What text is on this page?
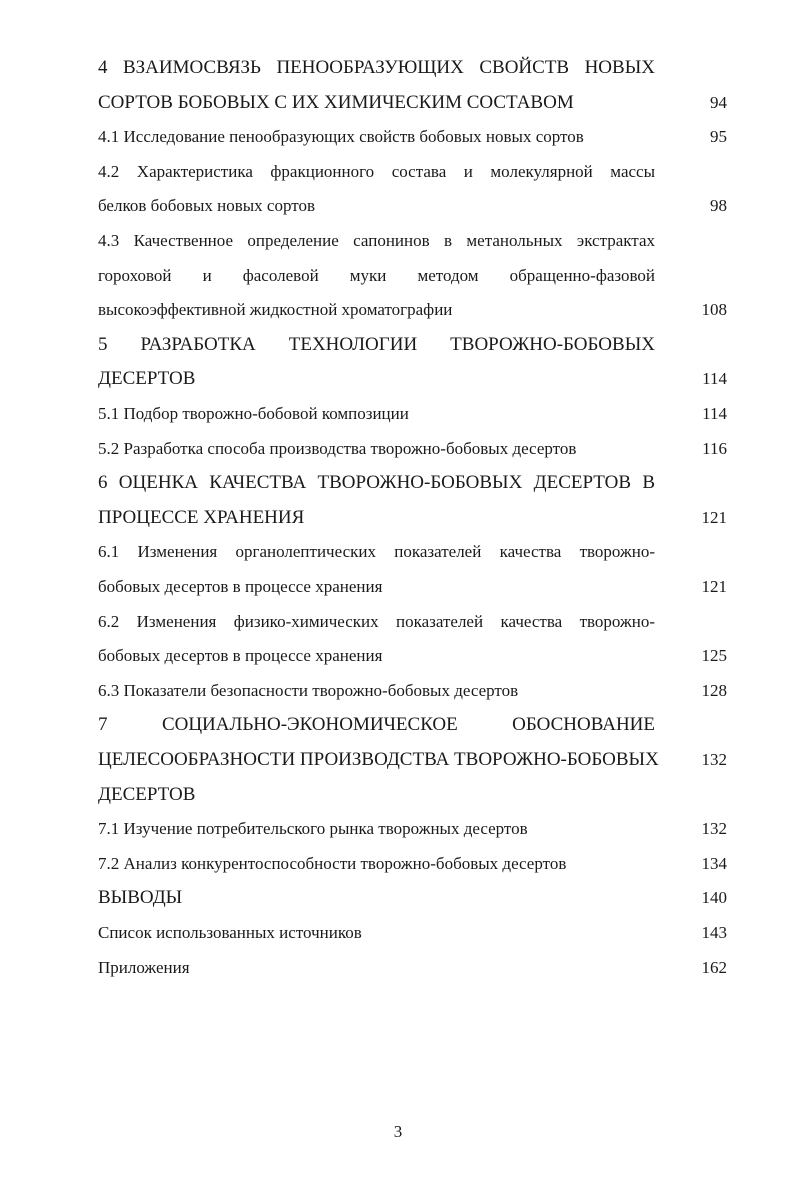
4 ВЗАИМОСВЯЗЬ ПЕНООБРАЗУЮЩИХ СВОЙСТВ НОВЫХ
СОРТОВ БОБОВЫХ С ИХ ХИМИЧЕСКИМ СОСТАВОМ	94
4.1 Исследование пенообразующих свойств бобовых новых сортов	95
4.2 Характеристика фракционного состава и молекулярной массы
белков бобовых новых сортов	98
4.3 Качественное определение сапонинов в метанольных экстрактах
гороховой и фасолевой муки методом обращенно-фазовой
высокоэффективной жидкостной хроматографии	108
5 РАЗРАБОТКА ТЕХНОЛОГИИ ТВОРОЖНО-БОБОВЫХ
ДЕСЕРТОВ	114
5.1 Подбор творожно-бобовой композиции	114
5.2 Разработка способа производства творожно-бобовых десертов	116
6 ОЦЕНКА КАЧЕСТВА ТВОРОЖНО-БОБОВЫХ ДЕСЕРТОВ В
ПРОЦЕССЕ ХРАНЕНИЯ	121
6.1 Изменения органолептических показателей качества творожно-
бобовых десертов в процессе хранения	121
6.2 Изменения физико-химических показателей качества творожно-
бобовых десертов в процессе хранения	125
6.3 Показатели безопасности творожно-бобовых десертов	128
7 СОЦИАЛЬНО-ЭКОНОМИЧЕСКОЕ ОБОСНОВАНИЕ
ЦЕЛЕСООБРАЗНОСТИ ПРОИЗВОДСТВА ТВОРОЖНО-БОБОВЫХ	132
ДЕСЕРТОВ
7.1 Изучение потребительского рынка творожных десертов	132
7.2 Анализ конкурентоспособности творожно-бобовых десертов	134
ВЫВОДЫ	140
Список использованных источников	143
Приложения	162
3
